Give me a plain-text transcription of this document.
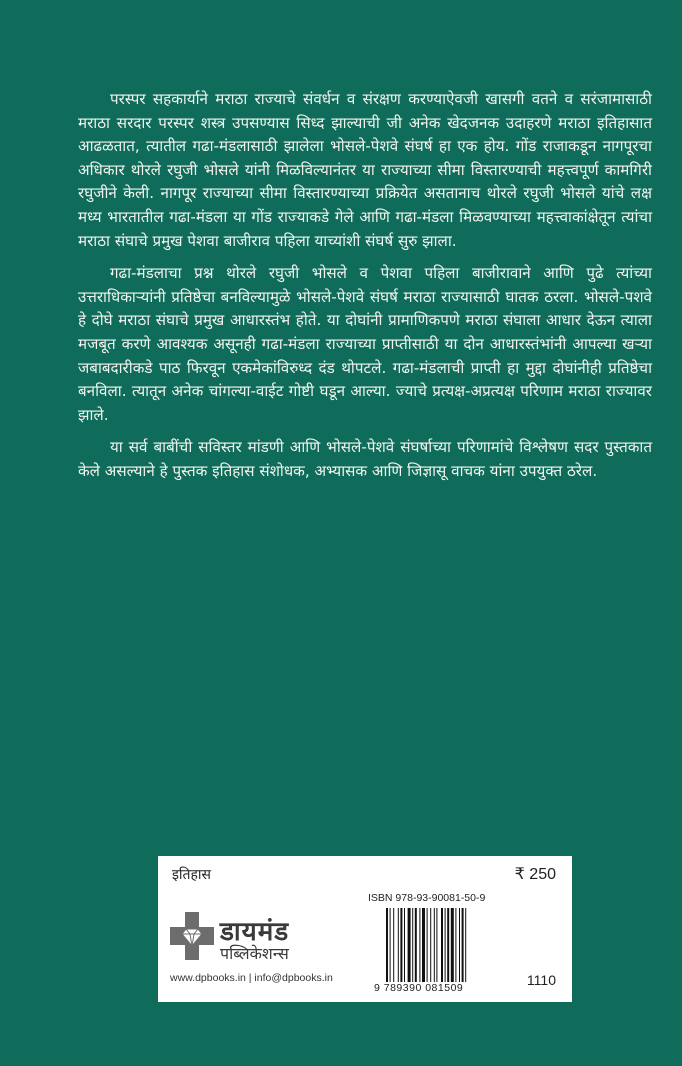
परस्पर सहकार्याने मराठा राज्याचे संवर्धन व संरक्षण करण्याऐवजी खासगी वतने व सरंजामासाठी मराठा सरदार परस्पर शस्त्र उपसण्यास सिध्द झाल्याची जी अनेक खेदजनक उदाहरणे मराठा इतिहासात आढळतात, त्यातील गढा-मंडलासाठी झालेला भोसले-पेशवे संघर्ष हा एक होय. गोंड राजाकडून नागपूरचा अधिकार थोरले रघुजी भोसले यांनी मिळविल्यानंतर या राज्याच्या सीमा विस्तारण्याची महत्त्वपूर्ण कामगिरी रघुजीने केली. नागपूर राज्याच्या सीमा विस्तारण्याच्या प्रक्रियेत असतानाच थोरले रघुजी भोसले यांचे लक्ष मध्य भारतातील गढा-मंडला या गोंड राज्याकडे गेले आणि गढा-मंडला मिळवण्याच्या महत्त्वाकांक्षेतून त्यांचा मराठा संघाचे प्रमुख पेशवा बाजीराव पहिला याच्यांशी संघर्ष सुरु झाला.

गढा-मंडलाचा प्रश्न थोरले रघुजी भोसले व पेशवा पहिला बाजीरावाने आणि पुढे त्यांच्या उत्तराधिकाऱ्यांनी प्रतिष्ठेचा बनविल्यामुळे भोसले-पेशवे संघर्ष मराठा राज्यासाठी घातक ठरला. भोसले-पशवे हे दोघे मराठा संघाचे प्रमुख आधारस्तंभ होते. या दोघांनी प्रामाणिकपणे मराठा संघाला आधार देऊन त्याला मजबूत करणे आवश्यक असूनही गढा-मंडला राज्याच्या प्राप्तीसाठी या दोन आधारस्तंभांनी आपल्या खऱ्या जबाबदारीकडे पाठ फिरवून एकमेकांविरुध्द दंड थोपटले. गढा-मंडलाची प्राप्ती हा मुद्दा दोघांनीही प्रतिष्ठेचा बनविला. त्यातून अनेक चांगल्या-वाईट गोष्टी घडून आल्या. ज्याचे प्रत्यक्ष-अप्रत्यक्ष परिणाम मराठा राज्यावर झाले.

या सर्व बाबींची सविस्तर मांडणी आणि भोसले-पेशवे संघर्षाच्या परिणामांचे विश्लेषण सदर पुस्तकात केले असल्याने हे पुस्तक इतिहास संशोधक, अभ्यासक आणि जिज्ञासू वाचक यांना उपयुक्त ठरेल.

इतिहास	₹ 250
डायमंड
पब्लिकेशन्स
www.dpbooks.in | info@dpbooks.in
ISBN 978-93-90081-50-9
9 789390 081509	1110
